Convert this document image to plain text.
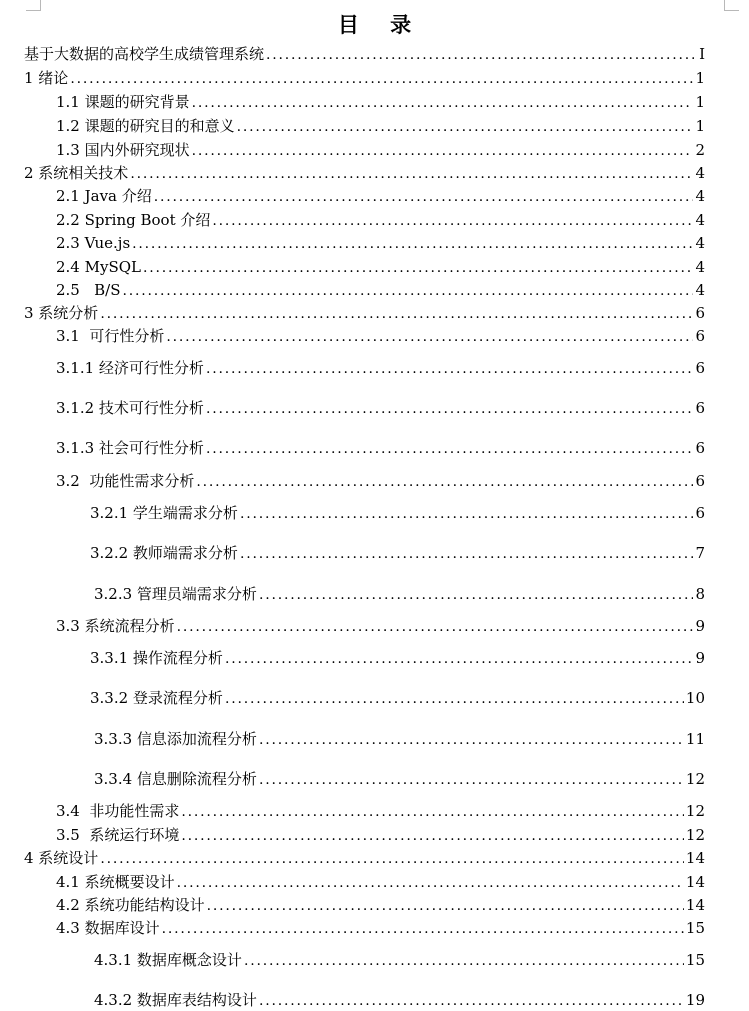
目 录
基于大数据的高校学生成绩管理系统 .....	I
1 绪论 .....	1
1.1 课题的研究背景 .....	1
1.2 课题的研究目的和意义 .....	1
1.3 国内外研究现状 .....	2
2 系统相关技术 .....	4
2.1 Java 介绍 .....	4
2.2 Spring Boot 介绍 .....	4
2.3 Vue.js .....	4
2.4 MySQL .....	4
2.5   B/S .....	4
3 系统分析 .....	6
3.1  可行性分析 .....	6
3.1.1 经济可行性分析 .....	6
3.1.2 技术可行性分析 .....	6
3.1.3 社会可行性分析 .....	6
3.2  功能性需求分析 .....	6
3.2.1 学生端需求分析 .....	6
3.2.2 教师端需求分析 .....	7
3.2.3 管理员端需求分析 .....	8
3.3 系统流程分析 .....	9
3.3.1 操作流程分析 .....	9
3.3.2 登录流程分析 .....	10
3.3.3 信息添加流程分析 .....	11
3.3.4 信息删除流程分析 .....	12
3.4  非功能性需求 .....	12
3.5  系统运行环境 .....	12
4 系统设计 .....	14
4.1 系统概要设计 .....	14
4.2 系统功能结构设计 .....	14
4.3 数据库设计 .....	15
4.3.1 数据库概念设计 .....	15
4.3.2 数据库表结构设计 .....	19
